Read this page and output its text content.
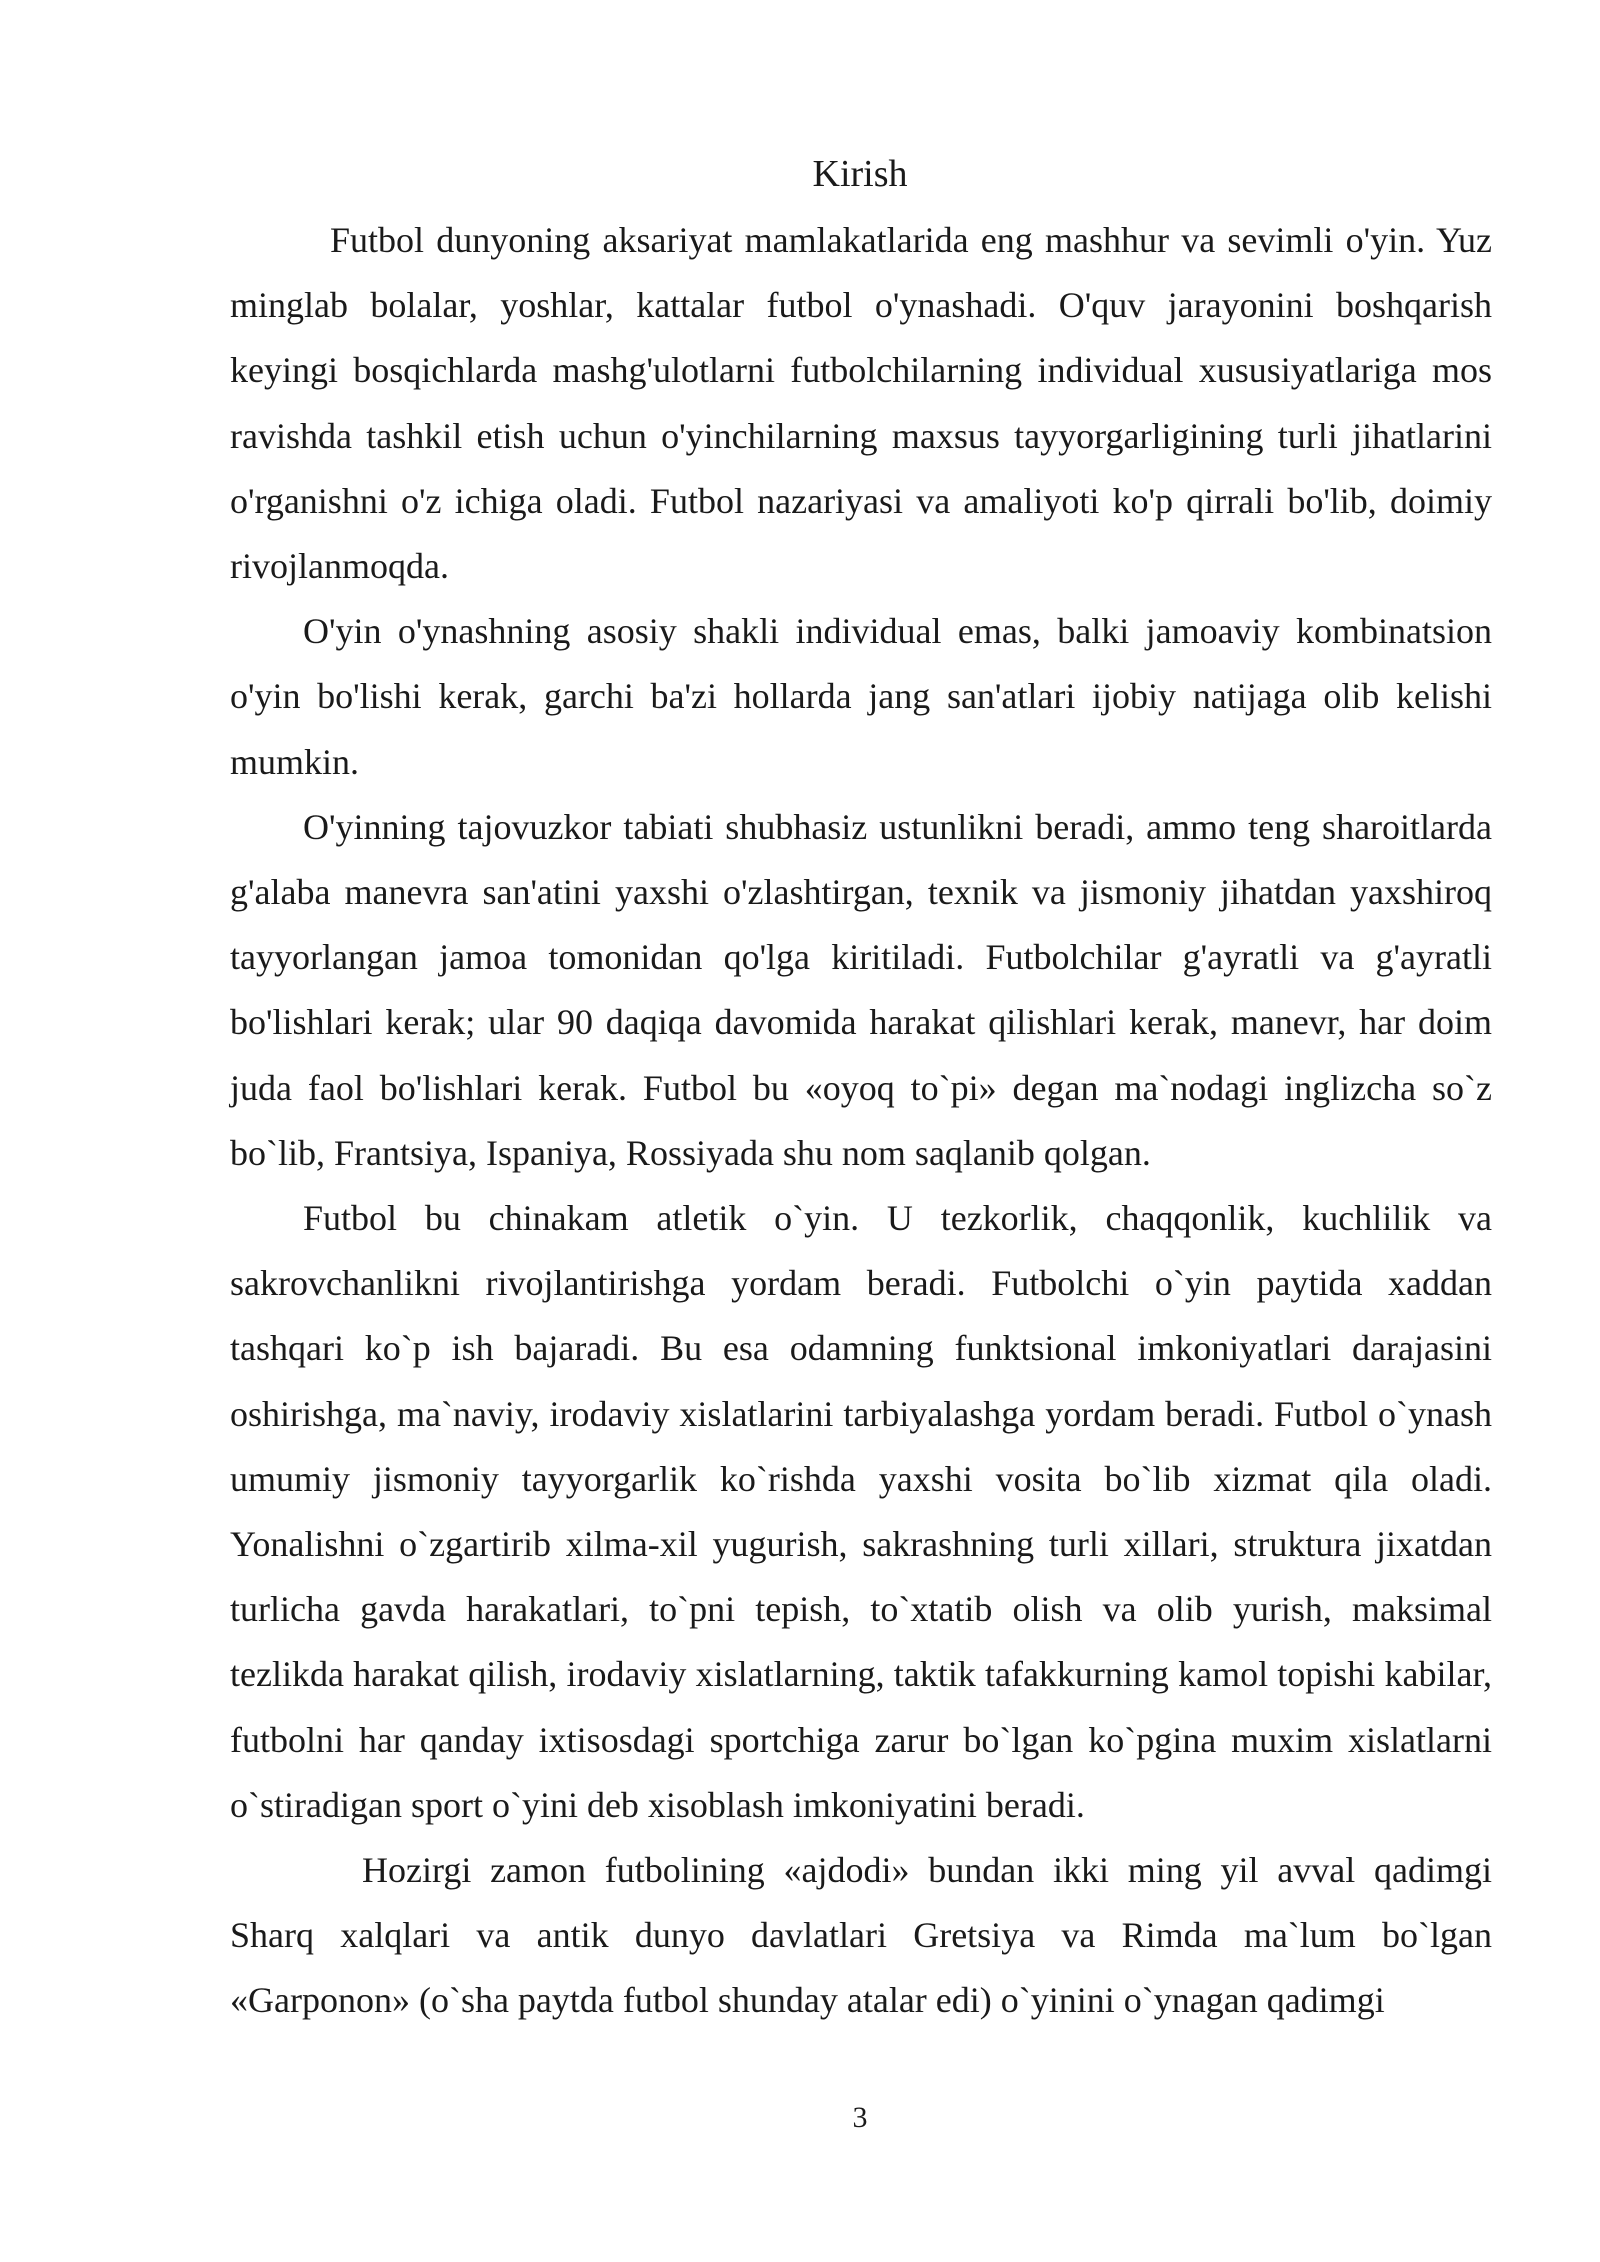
Kirish

Futbol dunyoning aksariyat mamlakatlarida eng mashhur va sevimli o'yin. Yuz minglab bolalar, yoshlar, kattalar futbol o'ynashadi. O'quv jarayonini boshqarish keyingi bosqichlarda mashg'ulotlarni futbolchilarning individual xususiyatlariga mos ravishda tashkil etish uchun o'yinchilarning maxsus tayyorgarligining turli jihatlarini o'rganishni o'z ichiga oladi. Futbol nazariyasi va amaliyoti ko'p qirrali bo'lib, doimiy rivojlanmoqda.

O'yin o'ynashning asosiy shakli individual emas, balki jamoaviy kombinatsion o'yin bo'lishi kerak, garchi ba'zi hollarda jang san'atlari ijobiy natijaga olib kelishi mumkin.

O'yinning tajovuzkor tabiati shubhasiz ustunlikni beradi, ammo teng sharoitlarda g'alaba manevra san'atini yaxshi o'zlashtirgan, texnik va jismoniy jihatdan yaxshiroq tayyorlangan jamoa tomonidan qo'lga kiritiladi. Futbolchilar g'ayratli va g'ayratli bo'lishlari kerak; ular 90 daqiqa davomida harakat qilishlari kerak, manevr, har doim juda faol bo'lishlari kerak. Futbol bu «oyoq to`pi» degan ma`nodagi inglizcha so`z bo`lib, Frantsiya, Ispaniya, Rossiyada shu nom saqlanib qolgan.

Futbol bu chinakam atletik o`yin. U tezkorlik, chaqqonlik, kuchlilik va sakrovchanlikni rivojlantirishga yordam beradi. Futbolchi o`yin paytida xaddan tashqari ko`p ish bajaradi. Bu esa odamning funktsional imkoniyatlari darajasini oshirishga, ma`naviy, irodaviy xislatlarini tarbiyalashga yordam beradi. Futbol o`ynash umumiy jismoniy tayyorgarlik ko`rishda yaxshi vosita bo`lib xizmat qila oladi. Yonalishni o`zgartirib xilma-xil yugurish, sakrashning turli xillari, struktura jixatdan turlicha gavda harakatlari, to`pni tepish, to`xtatib olish va olib yurish, maksimal tezlikda harakat qilish, irodaviy xislatlarning, taktik tafakkurning kamol topishi kabilar, futbolni har qanday ixtisosdagi sportchiga zarur bo`lgan ko`pgina muxim xislatlarni o`stiradigan sport o`yini deb xisoblash imkoniyatini beradi.

Hozirgi zamon futbolining «ajdodi» bundan ikki ming yil avval qadimgi Sharq xalqlari va antik dunyo davlatlari Gretsiya va Rimda ma`lum bo`lgan «Garponon» (o`sha paytda futbol shunday atalar edi) o`yinini o`ynagan qadimgi

3
